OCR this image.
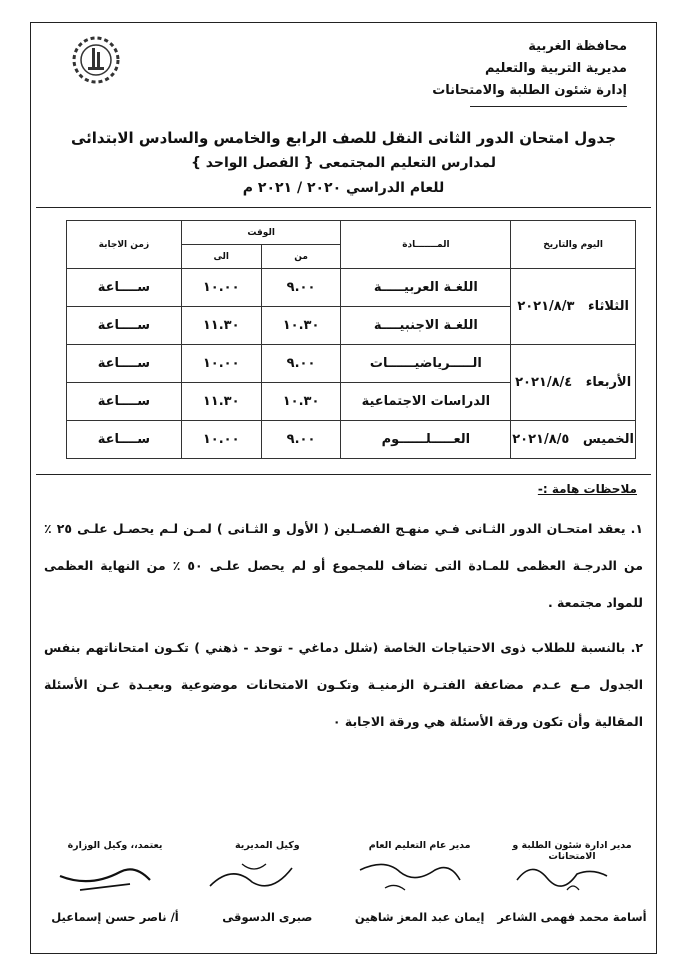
محافظة الغربية
مديرية التربية والتعليم
إدارة شئون الطلبة والامتحانات
جدول امتحان الدور الثانى النقل للصف الرابع والخامس والسادس الابتدائى
لمدارس التعليم المجتمعى { الفصل الواحد }
للعام الدراسي ٢٠٢٠ / ٢٠٢١ م
اليوم والتاريخ	المـــــــادة	الوقت		زمن الاجابة
		من	الى	
الثلاثاء   ٢٠٢١/٨/٣	اللغـة العربيـــــة	٩.٠٠	١٠.٠٠	ســــاعة
	اللغـة الاجنبيــــة	١٠.٣٠	١١.٣٠	ســــاعة
الأربعاء   ٢٠٢١/٨/٤	الـــــرياضيــــــات	٩.٠٠	١٠.٠٠	ســــاعة
	الدراسات الاجتماعية	١٠.٣٠	١١.٣٠	ســــاعة
الخميس   ٢٠٢١/٨/٥	العـــــلــــــوم	٩.٠٠	١٠.٠٠	ســــاعة
ملاحظات هامة :-
١. يعقد امتحـان الدور الثـانى فـي منهـج الفصـلين ( الأول و الثـانى ) لمـن لـم يحصـل علـى ٢٥ ٪ من الدرجـة العظمى للمـادة التى تضاف للمجموع أو لم يحصل علـى ٥٠ ٪ من النهاية العظمى للمواد مجتمعة .
٢. بالنسبة للطلاب ذوى الاحتياجات الخاصة (شلل دماغي - توحد - ذهني ) تكـون امتحاناتهم بنفس الجدول مـع عـدم مضاعفة الفتـرة الزمنيـة وتكـون الامتحانات موضوعية وبعيـدة عـن الأسئلة المقالية وأن تكون ورقة الأسئلة هي ورقة الاجابة ٠
مدير ادارة شئون الطلبة و الامتحانات
أسامة محمد فهمى الشاعر
مدير عام التعليم العام
إيمان عبد المعز شاهين
وكيل المديرية
صبرى الدسوقى
يعتمد،، وكيل الوزارة
أ/ ناصر حسن إسماعيل
